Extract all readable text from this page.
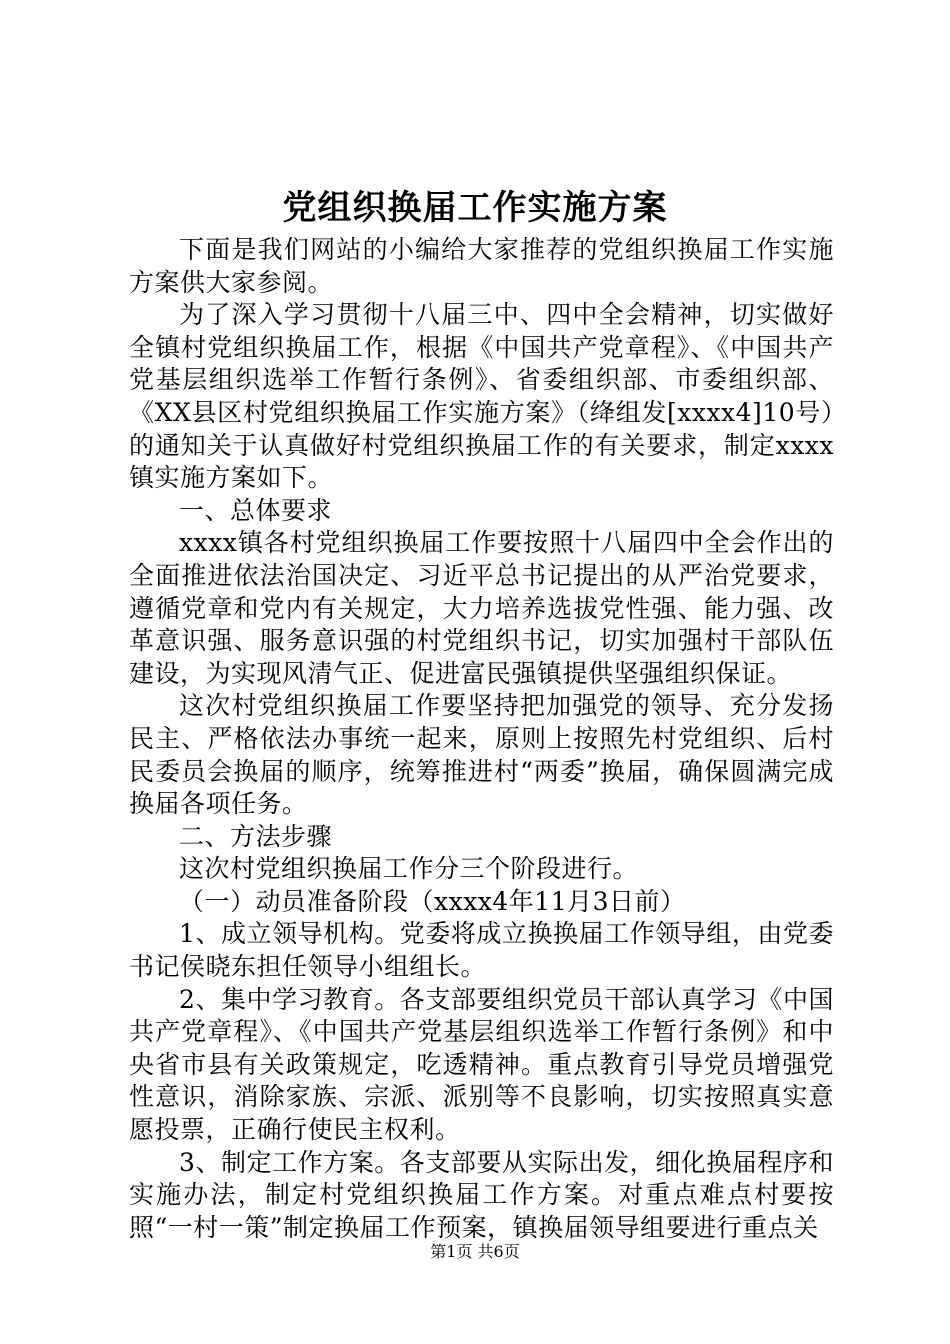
党组织换届工作实施方案

下面是我们网站的小编给大家推荐的党组织换届工作实施方案供大家参阅。

为了深入学习贯彻十八届三中、四中全会精神，切实做好全镇村党组织换届工作，根据《中国共产党章程》、《中国共产党基层组织选举工作暂行条例》、省委组织部、市委组织部、《XX县区村党组织换届工作实施方案》（绛组发[xxxx4]10号）的通知关于认真做好村党组织换届工作的有关要求，制定xxxx镇实施方案如下。

一、总体要求

xxxx镇各村党组织换届工作要按照十八届四中全会作出的全面推进依法治国决定、习近平总书记提出的从严治党要求，遵循党章和党内有关规定，大力培养选拔党性强、能力强、改革意识强、服务意识强的村党组织书记，切实加强村干部队伍建设，为实现风清气正、促进富民强镇提供坚强组织保证。

这次村党组织换届工作要坚持把加强党的领导、充分发扬民主、严格依法办事统一起来，原则上按照先村党组织、后村民委员会换届的顺序，统筹推进村“两委”换届，确保圆满完成换届各项任务。

二、方法步骤

这次村党组织换届工作分三个阶段进行。

（一）动员准备阶段（xxxx4年11月3日前）

1、成立领导机构。党委将成立换换届工作领导组，由党委书记侯晓东担任领导小组组长。

2、集中学习教育。各支部要组织党员干部认真学习《中国共产党章程》、《中国共产党基层组织选举工作暂行条例》和中央省市县有关政策规定，吃透精神。重点教育引导党员增强党性意识，消除家族、宗派、派别等不良影响，切实按照真实意愿投票，正确行使民主权利。

3、制定工作方案。各支部要从实际出发，细化换届程序和实施办法，制定村党组织换届工作方案。对重点难点村要按照“一村一策”制定换届工作预案，镇换届领导组要进行重点关

第1页 共6页
